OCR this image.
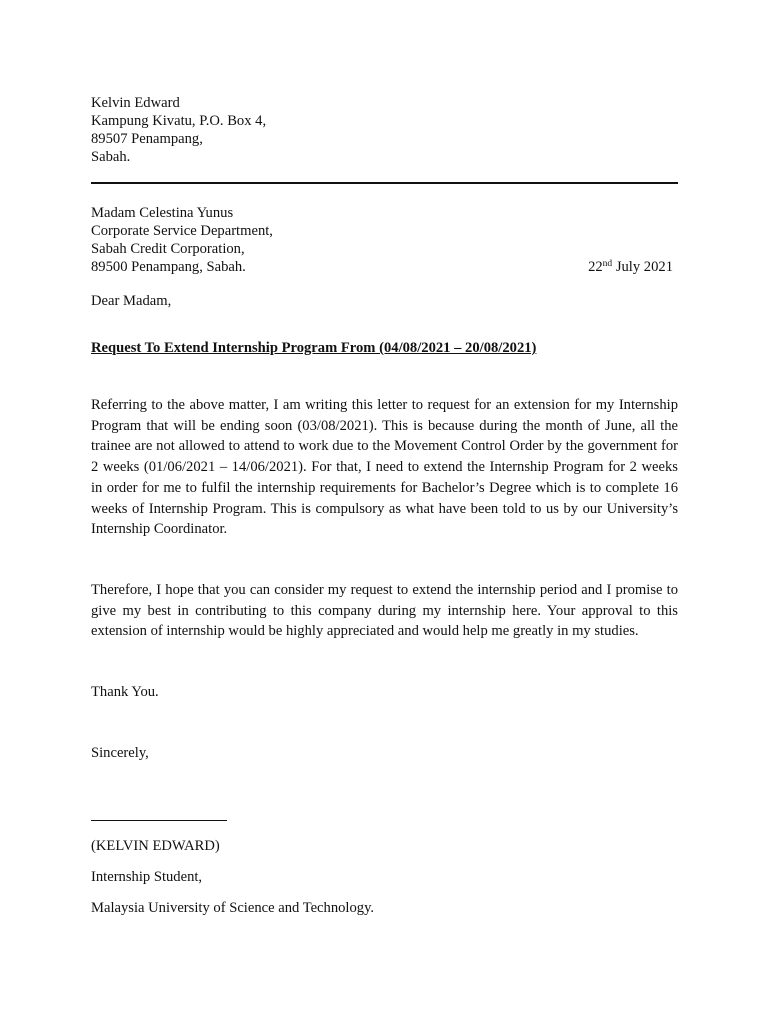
Kelvin Edward
Kampung Kivatu, P.O. Box 4,
89507 Penampang,
Sabah.
Madam Celestina Yunus
Corporate Service Department,
Sabah Credit Corporation,
89500 Penampang, Sabah.	22nd July 2021
Dear Madam,
Request To Extend Internship Program From (04/08/2021 – 20/08/2021)

Referring to the above matter, I am writing this letter to request for an extension for my Internship Program that will be ending soon (03/08/2021). This is because during the month of June, all the trainee are not allowed to attend to work due to the Movement Control Order by the government for 2 weeks (01/06/2021 – 14/06/2021). For that, I need to extend the Internship Program for 2 weeks in order for me to fulfil the internship requirements for Bachelor’s Degree which is to complete 16 weeks of Internship Program. This is compulsory as what have been told to us by our University’s Internship Coordinator.

Therefore, I hope that you can consider my request to extend the internship period and I promise to give my best in contributing to this company during my internship here. Your approval to this extension of internship would be highly appreciated and would help me greatly in my studies.

Thank You.
Sincerely,
(KELVIN EDWARD)
Internship Student,
Malaysia University of Science and Technology.
